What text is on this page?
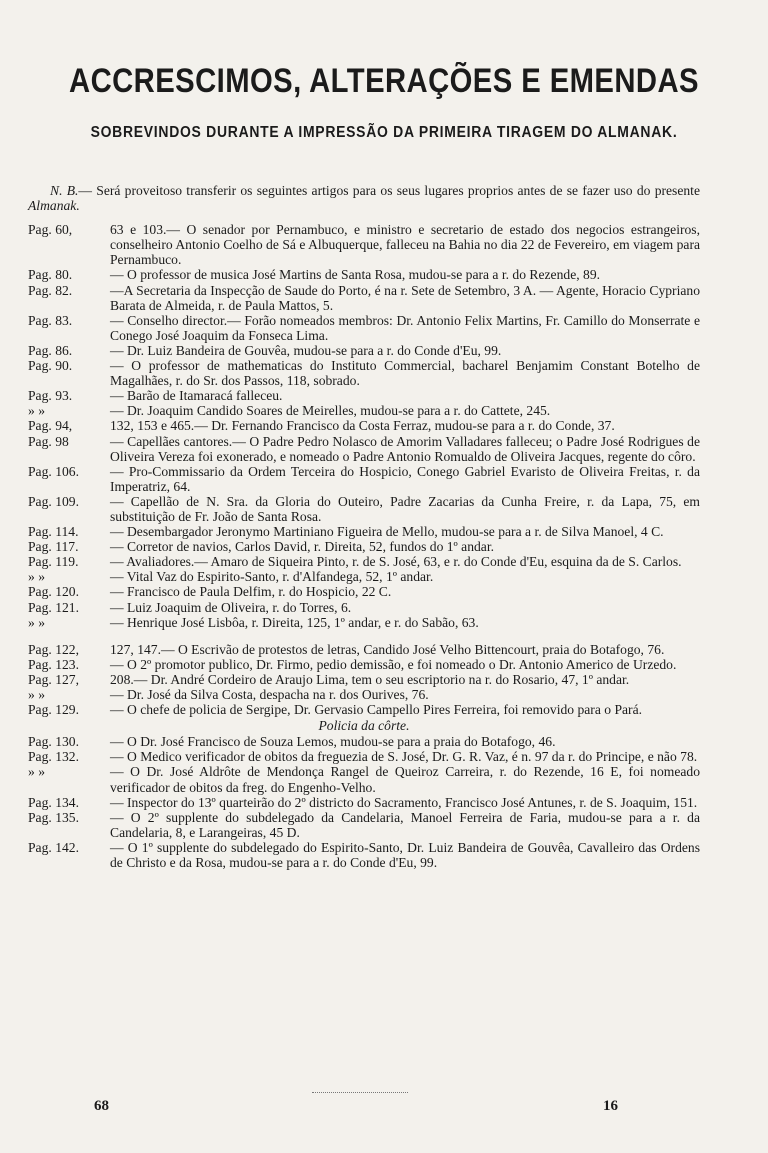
ACCRESCIMOS, ALTERAÇÕES E EMENDAS
SOBREVINDOS DURANTE A IMPRESSÃO DA PRIMEIRA TIRAGEM DO ALMANAK.
N. B.— Será proveitoso transferir os seguintes artigos para os seus lugares proprios antes de se fazer uso do presente Almanak.
Pag. 60,	63 e 103.— O senador por Pernambuco, e ministro e secretario de estado dos negocios estrangeiros, conselheiro Antonio Coelho de Sá e Albuquerque, falleceu na Bahia no dia 22 de Fevereiro, em viagem para Pernambuco.
Pag. 80.	— O professor de musica José Martins de Santa Rosa, mudou-se para a r. do Rezende, 89.
Pag. 82.	—A Secretaria da Inspecção de Saude do Porto, é na r. Sete de Setembro, 3 A. — Agente, Horacio Cypriano Barata de Almeida, r. de Paula Mattos, 5.
Pag. 83.	— Conselho director.— Forão nomeados membros: Dr. Antonio Felix Martins, Fr. Camillo do Monserrate e Conego José Joaquim da Fonseca Lima.
Pag. 86.	— Dr. Luiz Bandeira de Gouvêa, mudou-se para a r. do Conde d'Eu, 99.
Pag. 90.	— O professor de mathematicas do Instituto Commercial, bacharel Benjamim Constant Botelho de Magalhães, r. do Sr. dos Passos, 118, sobrado.
Pag. 93.	— Barão de Itamaracá falleceu.
» »	— Dr. Joaquim Candido Soares de Meirelles, mudou-se para a r. do Cattete, 245.
Pag. 94,	132, 153 e 465.— Dr. Fernando Francisco da Costa Ferraz, mudou-se para a r. do Conde, 37.
Pag. 98	— Capellães cantores.— O Padre Pedro Nolasco de Amorim Valladares falleceu; o Padre José Rodrigues de Oliveira Vereza foi exonerado, e nomeado o Padre Antonio Romualdo de Oliveira Jacques, regente do côro.
Pag. 106.	— Pro-Commissario da Ordem Terceira do Hospicio, Conego Gabriel Evaristo de Oliveira Freitas, r. da Imperatriz, 64.
Pag. 109.	— Capellão de N. Sra. da Gloria do Outeiro, Padre Zacarias da Cunha Freire, r. da Lapa, 75, em substituição de Fr. João de Santa Rosa.
Pag. 114.	— Desembargador Jeronymo Martiniano Figueira de Mello, mudou-se para a r. de Silva Manoel, 4 C.
Pag. 117.	— Corretor de navios, Carlos David, r. Direita, 52, fundos do 1º andar.
Pag. 119.	— Avaliadores.— Amaro de Siqueira Pinto, r. de S. José, 63, e r. do Conde d'Eu, esquina da de S. Carlos.
» »	— Vital Vaz do Espirito-Santo, r. d'Alfandega, 52, 1º andar.
Pag. 120.	— Francisco de Paula Delfim, r. do Hospicio, 22 C.
Pag. 121.	— Luiz Joaquim de Oliveira, r. do Torres, 6.
» »	— Henrique José Lisbôa, r. Direita, 125, 1º andar, e r. do Sabão, 63.
Pag. 122,	127, 147.— O Escrivão de protestos de letras, Candido José Velho Bittencourt, praia do Botafogo, 76.
Pag. 123.	— O 2º promotor publico, Dr. Firmo, pedio demissão, e foi nomeado o Dr. Antonio Americo de Urzedo.
Pag. 127,	208.— Dr. André Cordeiro de Araujo Lima, tem o seu escriptorio na r. do Rosario, 47, 1º andar.
» »	— Dr. José da Silva Costa, despacha na r. dos Ourives, 76.
Pag. 129.	— O chefe de policia de Sergipe, Dr. Gervasio Campello Pires Ferreira, foi removido para o Pará.
Policia da côrte.
Pag. 130.	— O Dr. José Francisco de Souza Lemos, mudou-se para a praia do Botafogo, 46.
Pag. 132.	— O Medico verificador de obitos da freguezia de S. José, Dr. G. R. Vaz, é n. 97 da r. do Principe, e não 78.
» »	— O Dr. José Aldrôte de Mendonça Rangel de Queiroz Carreira, r. do Rezende, 16 E, foi nomeado verificador de obitos da freg. do Engenho-Velho.
Pag. 134.	— Inspector do 13º quarteirão do 2º districto do Sacramento, Francisco José Antunes, r. de S. Joaquim, 151.
Pag. 135.	— O 2º supplente do subdelegado da Candelaria, Manoel Ferreira de Faria, mudou-se para a r. da Candelaria, 8, e Larangeiras, 45 D.
Pag. 142.	— O 1º supplente do subdelegado do Espirito-Santo, Dr. Luiz Bandeira de Gouvêa, Cavalleiro das Ordens de Christo e da Rosa, mudou-se para a r. do Conde d'Eu, 99.
68	16
